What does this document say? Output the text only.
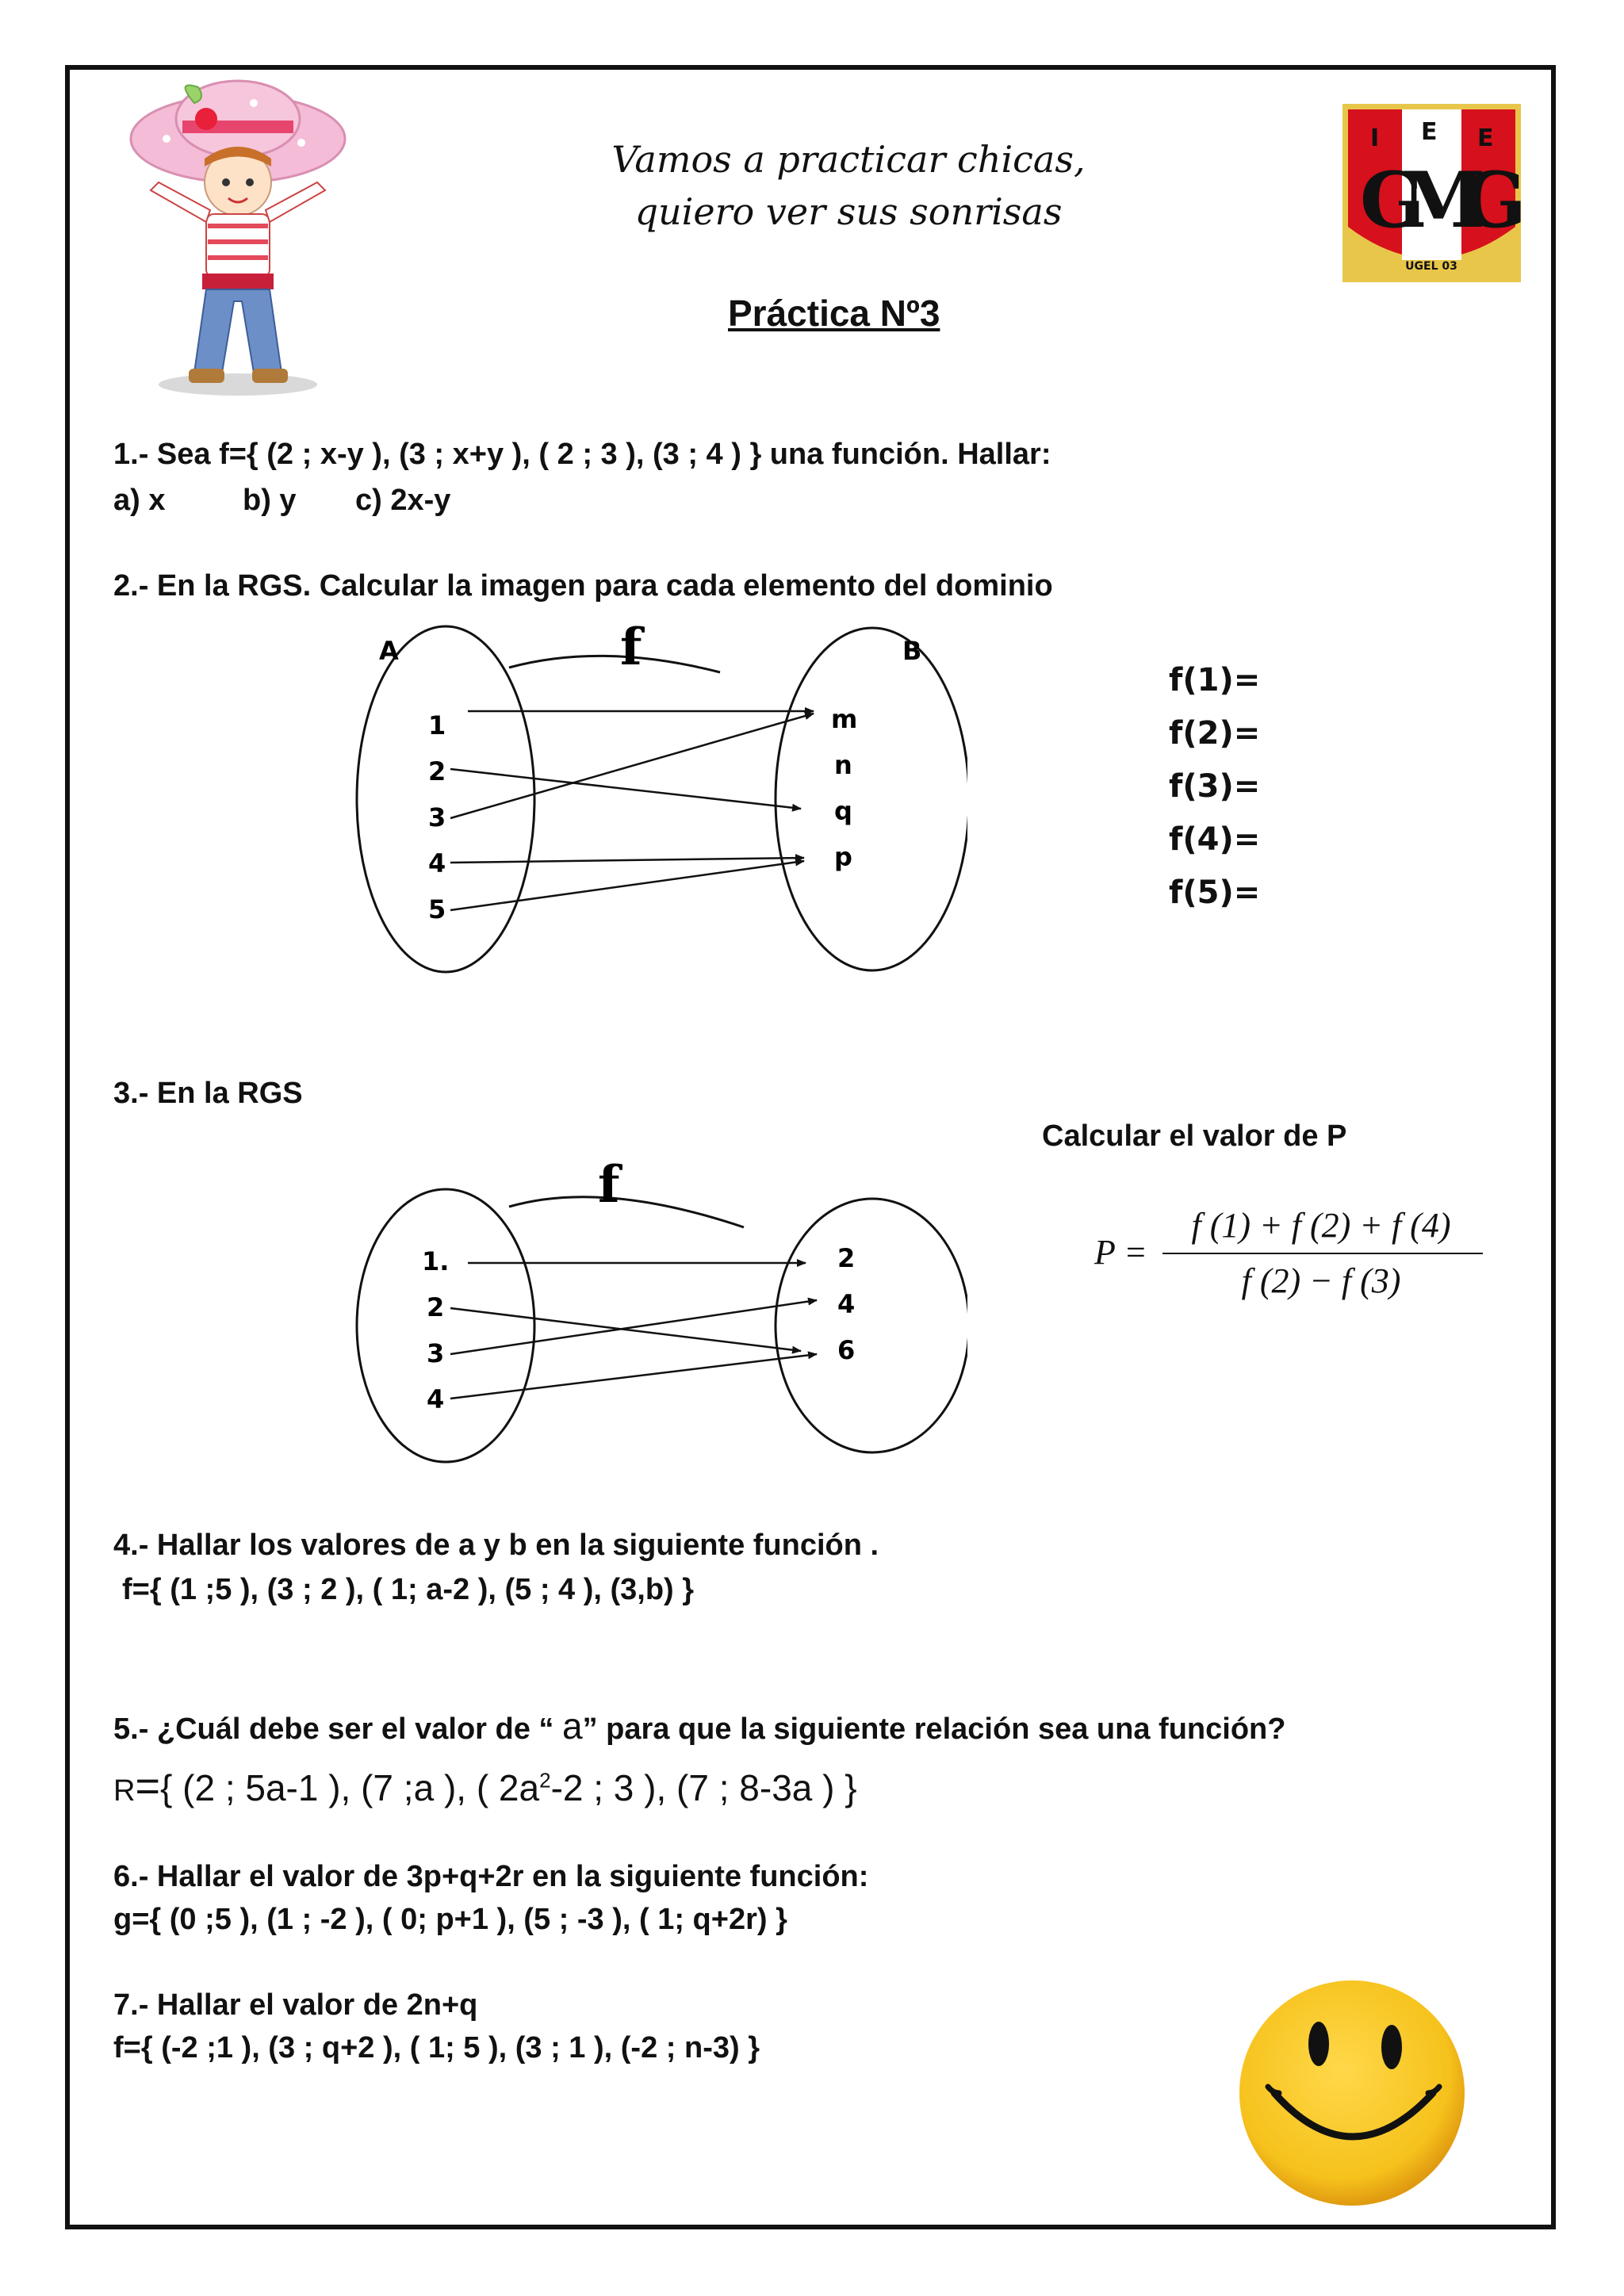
Vamos a practicar chicas,
quiero ver sus sonrisas
Práctica Nº3
I E E
GMG
UGEL 03
1.- Sea f={ (2 ; x-y ), (3 ; x+y ), ( 2 ; 3 ), (3 ; 4 ) } una función. Hallar:
a) x	b) y c) 2x-y
2.- En la RGS. Calcular la imagen para cada elemento del dominio
A	B
f
1
2
3
4
5
m
n
q
p
f(1)=
f(2)=
f(3)=
f(4)=
f(5)=
3.- En la RGS
Calcular el valor de P
f
1.
2
3
4
2
4
6
P =
f (1) + f (2) + f (4)
f (2) − f (3)
4.- Hallar los valores de a y b en la siguiente función .
f={ (1 ;5 ), (3 ; 2 ), ( 1; a-2 ), (5 ; 4 ), (3,b) }
5.- ¿Cuál debe ser el valor de “ a” para que la siguiente relación sea una función?
R={ (2 ; 5a-1 ), (7 ;a ), ( $2a^2-2$ ; 3 ), (7 ; 8-3a ) }
6.- Hallar el valor de 3p+q+2r en la siguiente función:
g={ (0 ;5 ), (1 ; -2 ), ( 0; p+1 ), (5 ; -3 ), ( 1; q+2r) }
7.- Hallar el valor de 2n+q
f={ (-2 ;1 ), (3 ; q+2 ), ( 1; 5 ), (3 ; 1 ), (-2 ; n-3) }
